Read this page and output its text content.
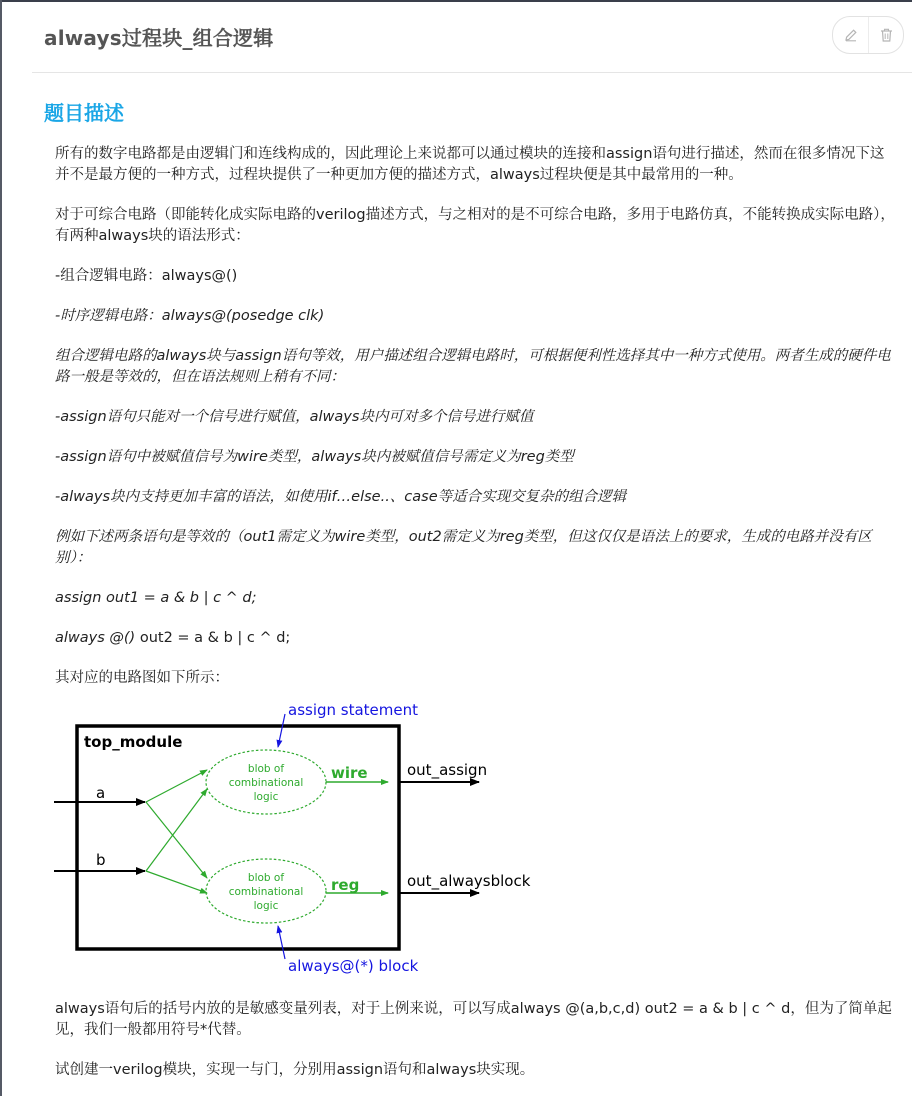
always过程块_组合逻辑
题目描述

所有的数字电路都是由逻辑门和连线构成的，因此理论上来说都可以通过模块的连接和assign语句进行描述，然而在很多情况下这并不是最方便的一种方式，过程块提供了一种更加方便的描述方式，always过程块便是其中最常用的一种。

对于可综合电路（即能转化成实际电路的verilog描述方式，与之相对的是不可综合电路，多用于电路仿真，不能转换成实际电路），有两种always块的语法形式：

-组合逻辑电路：always@()

-时序逻辑电路：always@(posedge clk)

组合逻辑电路的always块与assign语句等效，用户描述组合逻辑电路时，可根据便利性选择其中一种方式使用。两者生成的硬件电路一般是等效的，但在语法规则上稍有不同：

-assign语句只能对一个信号进行赋值，always块内可对多个信号进行赋值

-assign语句中被赋值信号为wire类型，always块内被赋值信号需定义为reg类型

-always块内支持更加丰富的语法，如使用if…else..、case等适合实现交复杂的组合逻辑

例如下述两条语句是等效的（out1需定义为wire类型，out2需定义为reg类型，但这仅仅是语法上的要求，生成的电路并没有区别）：

assign out1 = a & b | c ^ d;

always @() out2 = a & b | c ^ d;

其对应的电路图如下所示：

top_module
a
b
blob of
combinational
logic
blob of
combinational
logic
wire
reg
out_assign
out_alwaysblock
assign statement
always@(*) block

always语句后的括号内放的是敏感变量列表，对于上例来说，可以写成always @(a,b,c,d) out2 = a & b | c ^ d，但为了简单起见，我们一般都用符号*代替。

试创建一verilog模块，实现一与门，分别用assign语句和always块实现。
